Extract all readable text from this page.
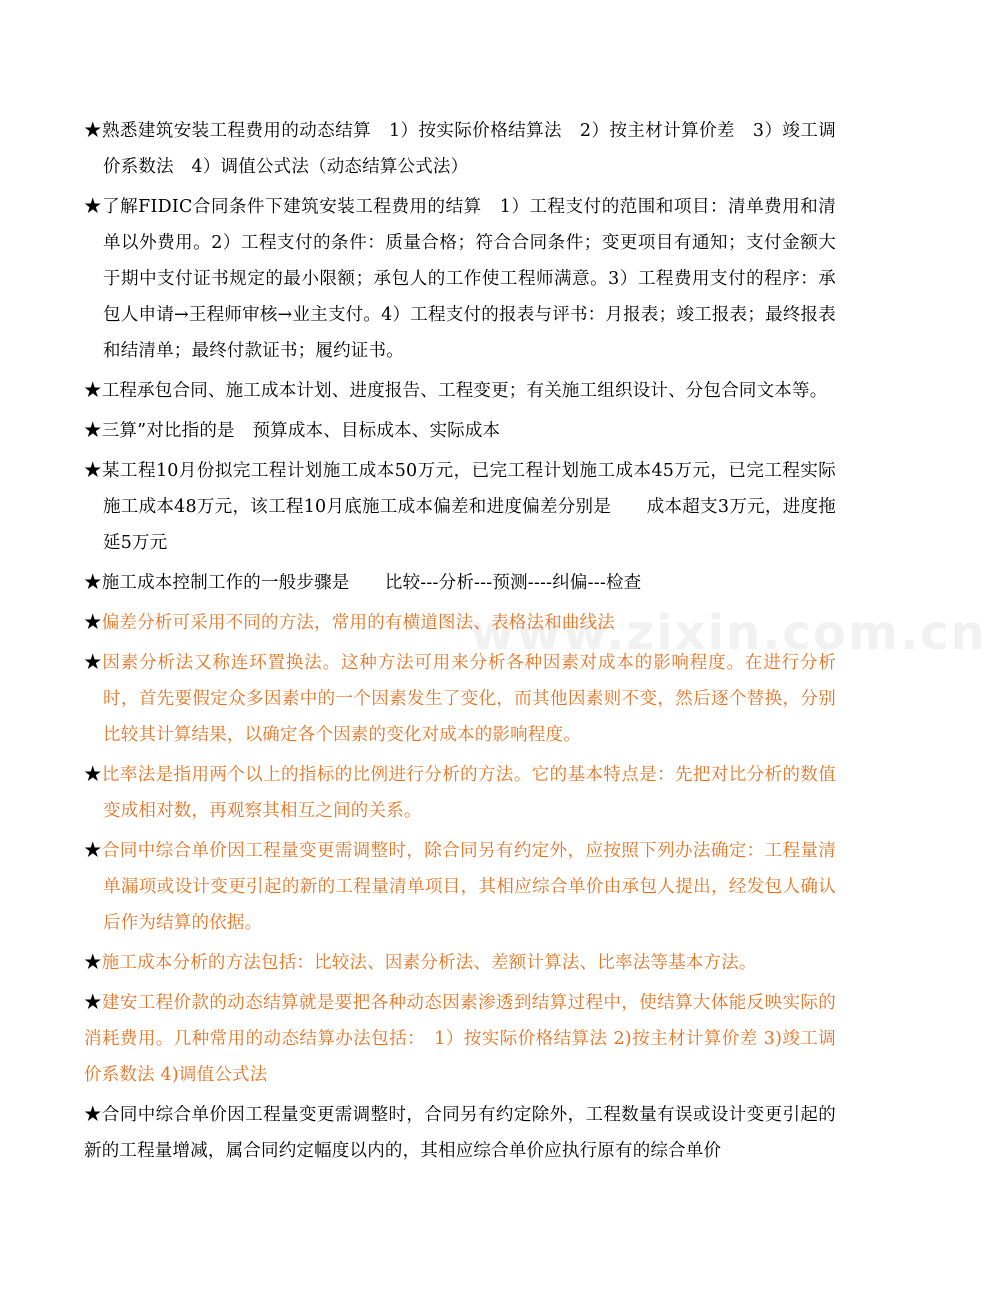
www.zixin.com.cn

★熟悉建筑安装工程费用的动态结算　1）按实际价格结算法　2）按主材计算价差　3）竣工调价系数法　4）调值公式法（动态结算公式法）

★了解FIDIC合同条件下建筑安装工程费用的结算　1）工程支付的范围和项目：清单费用和清单以外费用。2）工程支付的条件：质量合格；符合合同条件；变更项目有通知；支付金额大于期中支付证书规定的最小限额；承包人的工作使工程师满意。3）工程费用支付的程序：承包人申请→王程师审核→业主支付。4）工程支付的报表与评书：月报表；竣工报表；最终报表和结清单；最终付款证书；履约证书。

★工程承包合同、施工成本计划、进度报告、工程变更；有关施工组织设计、分包合同文本等。

★三算”对比指的是　预算成本、目标成本、实际成本

★某工程10月份拟完工程计划施工成本50万元，已完工程计划施工成本45万元，已完工程实际施工成本48万元，该工程10月底施工成本偏差和进度偏差分别是　　成本超支3万元，进度拖延5万元

★施工成本控制工作的一般步骤是　　比较---分析---预测----纠偏---检查

★偏差分析可采用不同的方法，常用的有横道图法、表格法和曲线法

★因素分析法又称连环置换法。这种方法可用来分析各种因素对成本的影响程度。在进行分析时，首先要假定众多因素中的一个因素发生了变化，而其他因素则不变，然后逐个替换，分别比较其计算结果，以确定各个因素的变化对成本的影响程度。

★比率法是指用两个以上的指标的比例进行分析的方法。它的基本特点是：先把对比分析的数值变成相对数，再观察其相互之间的关系。

★合同中综合单价因工程量变更需调整时，除合同另有约定外，应按照下列办法确定：工程量清单漏项或设计变更引起的新的工程量清单项目，其相应综合单价由承包人提出，经发包人确认后作为结算的依据。

★施工成本分析的方法包括：比较法、因素分析法、差额计算法、比率法等基本方法。

★建安工程价款的动态结算就是要把各种动态因素渗透到结算过程中，使结算大体能反映实际的消耗费用。几种常用的动态结算办法包括：　1）按实际价格结算法 2)按主材计算价差 3)竣工调价系数法 4)调值公式法

★合同中综合单价因工程量变更需调整时，合同另有约定除外，工程数量有误或设计变更引起的新的工程量增减，属合同约定幅度以内的，其相应综合单价应执行原有的综合单价
